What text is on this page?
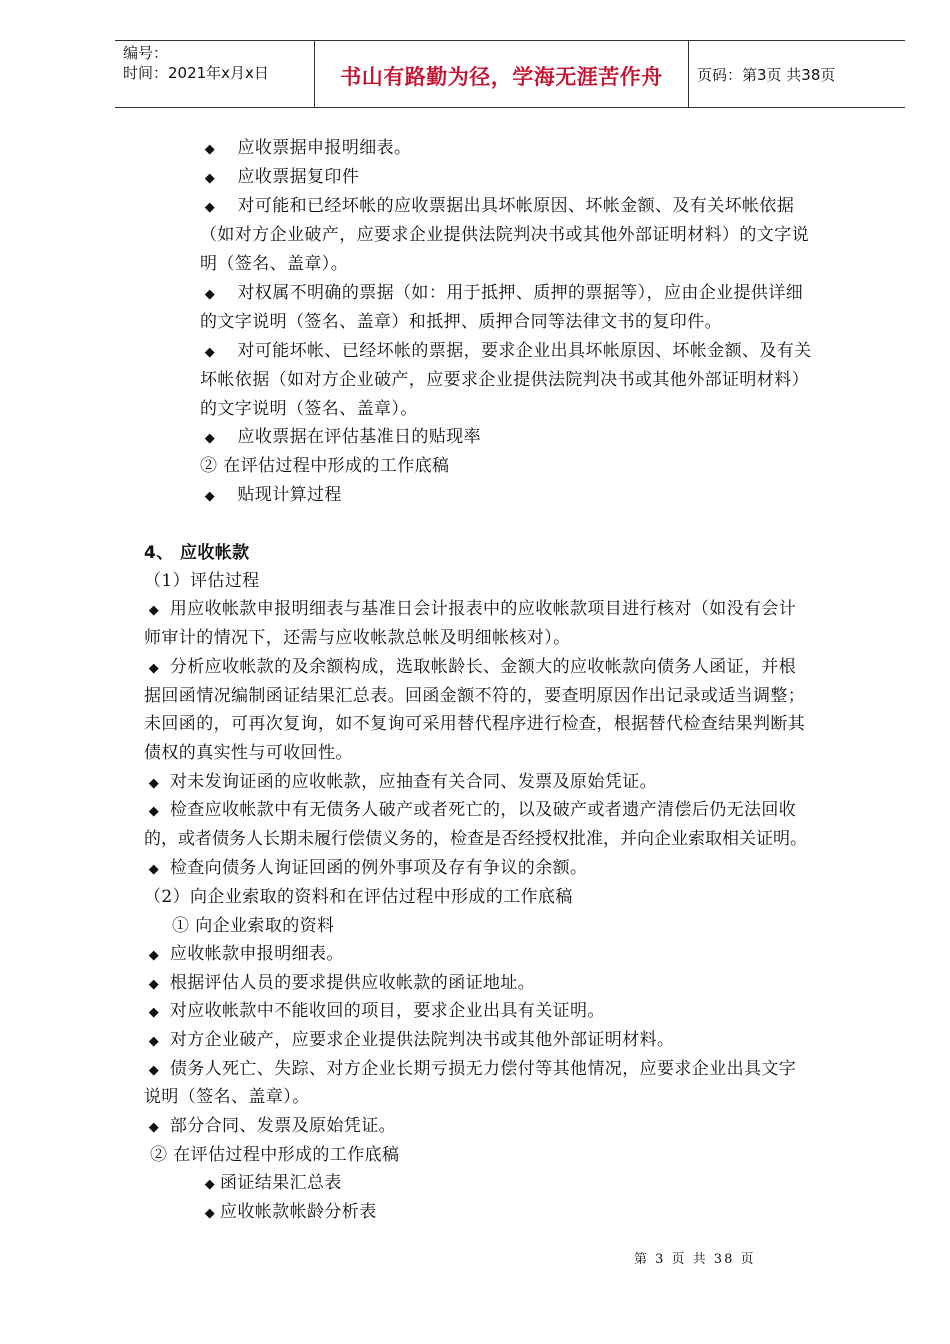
编号：
时间：2021年x月x日	书山有路勤为径，学海无涯苦作舟	页码：第3页 共38页
◆ 应收票据申报明细表。
◆ 应收票据复印件
◆ 对可能和已经坏帐的应收票据出具坏帐原因、坏帐金额、及有关坏帐依据
（如对方企业破产，应要求企业提供法院判决书或其他外部证明材料）的文字说
明（签名、盖章）。
◆ 对权属不明确的票据（如：用于抵押、质押的票据等），应由企业提供详细
的文字说明（签名、盖章）和抵押、质押合同等法律文书的复印件。
◆ 对可能坏帐、已经坏帐的票据，要求企业出具坏帐原因、坏帐金额、及有关
坏帐依据（如对方企业破产，应要求企业提供法院判决书或其他外部证明材料）
的文字说明（签名、盖章）。
◆ 应收票据在评估基准日的贴现率
② 在评估过程中形成的工作底稿
◆ 贴现计算过程
4、 应收帐款
（1）评估过程
◆ 用应收帐款申报明细表与基准日会计报表中的应收帐款项目进行核对（如没有会计
师审计的情况下，还需与应收帐款总帐及明细帐核对）。
◆ 分析应收帐款的及余额构成，选取帐龄长、金额大的应收帐款向债务人函证，并根
据回函情况编制函证结果汇总表。回函金额不符的，要查明原因作出记录或适当调整；
未回函的，可再次复询，如不复询可采用替代程序进行检查，根据替代检查结果判断其
债权的真实性与可收回性。
◆ 对未发询证函的应收帐款，应抽查有关合同、发票及原始凭证。
◆ 检查应收帐款中有无债务人破产或者死亡的，以及破产或者遗产清偿后仍无法回收
的，或者债务人长期未履行偿债义务的，检查是否经授权批准，并向企业索取相关证明。
◆ 检查向债务人询证回函的例外事项及存有争议的余额。
（2）向企业索取的资料和在评估过程中形成的工作底稿
① 向企业索取的资料
◆ 应收帐款申报明细表。
◆ 根据评估人员的要求提供应收帐款的函证地址。
◆ 对应收帐款中不能收回的项目，要求企业出具有关证明。
◆ 对方企业破产，应要求企业提供法院判决书或其他外部证明材料。
◆ 债务人死亡、失踪、对方企业长期亏损无力偿付等其他情况，应要求企业出具文字
说明（签名、盖章）。
◆ 部分合同、发票及原始凭证。
② 在评估过程中形成的工作底稿
◆ 函证结果汇总表
◆ 应收帐款帐龄分析表
第 3 页 共 38 页
